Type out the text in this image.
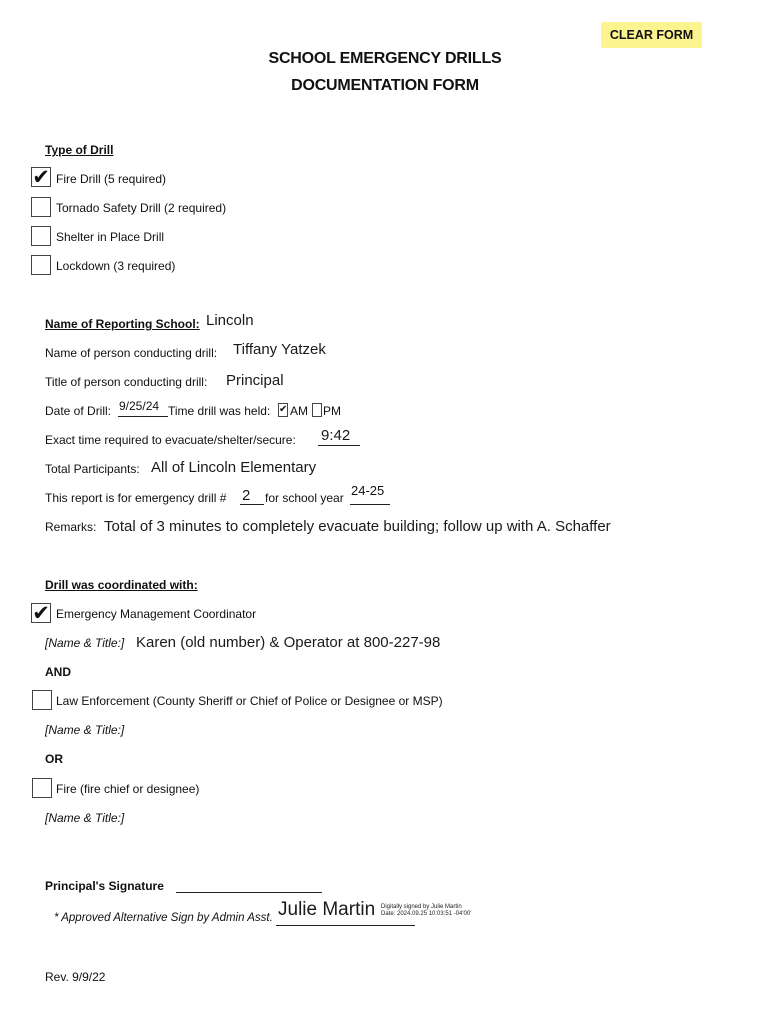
CLEAR FORM
SCHOOL EMERGENCY DRILLS
DOCUMENTATION FORM
Type of Drill
✔ Fire Drill (5 required)
Tornado Safety Drill (2 required)
Shelter in Place Drill
Lockdown (3 required)
Name of Reporting School: Lincoln
Name of person conducting drill: Tiffany Yatzek
Title of person conducting drill: Principal
Date of Drill: 9/25/24 Time drill was held: ✔ AM PM
Exact time required to evacuate/shelter/secure: 9:42
Total Participants: All of Lincoln Elementary
This report is for emergency drill # 2 for school year 24-25
Remarks: Total of 3 minutes to completely evacuate building; follow up with A. Schaffer
Drill was coordinated with:
✔ Emergency Management Coordinator
[Name & Title:] Karen (old number) & Operator at 800-227-98
AND
Law Enforcement (County Sheriff or Chief of Police or Designee or MSP)
[Name & Title:]
OR
Fire (fire chief or designee)
[Name & Title:]
Principal's Signature
* Approved Alternative Sign by Admin Asst. Julie Martin Digitally signed by Julie Martin
Date: 2024.09.25 10:03:51 -04'00'
Rev. 9/9/22
